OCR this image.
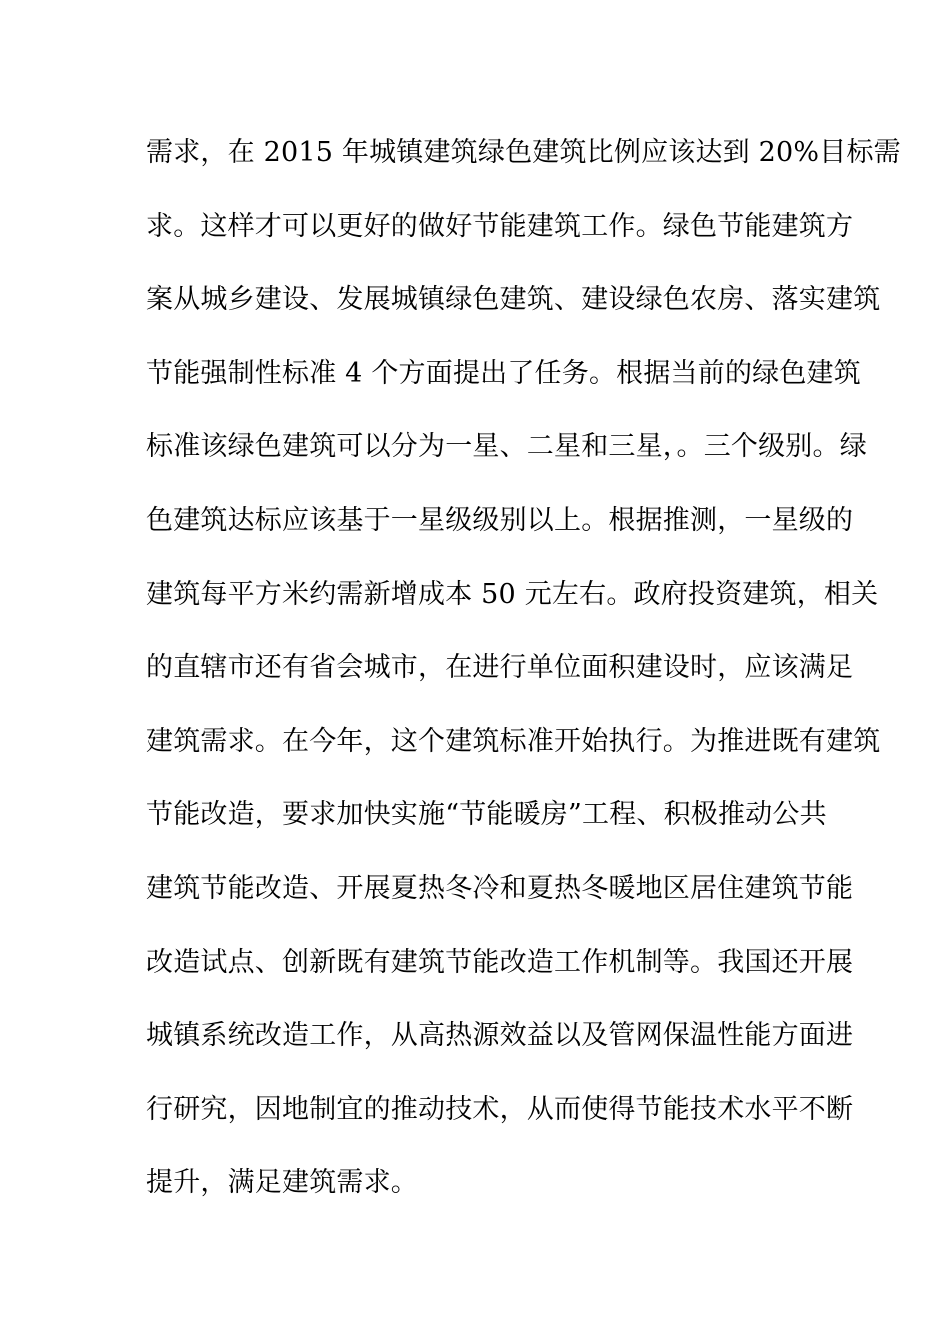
需求，在 2015 年城镇建筑绿色建筑比例应该达到 20%目标需
求。这样才可以更好的做好节能建筑工作。绿色节能建筑方
案从城乡建设、发展城镇绿色建筑、建设绿色农房、落实建筑
节能强制性标准 4 个方面提出了任务。根据当前的绿色建筑
标准该绿色建筑可以分为一星、二星和三星，。三个级别。绿
色建筑达标应该基于一星级级别以上。根据推测，一星级的
建筑每平方米约需新增成本 50 元左右。政府投资建筑，相关
的直辖市还有省会城市，在进行单位面积建设时，应该满足
建筑需求。在今年，这个建筑标准开始执行。为推进既有建筑
节能改造，要求加快实施“节能暖房”工程、积极推动公共
建筑节能改造、开展夏热冬冷和夏热冬暖地区居住建筑节能
改造试点、创新既有建筑节能改造工作机制等。我国还开展
城镇系统改造工作，从高热源效益以及管网保温性能方面进
行研究，因地制宜的推动技术，从而使得节能技术水平不断
提升，满足建筑需求。
